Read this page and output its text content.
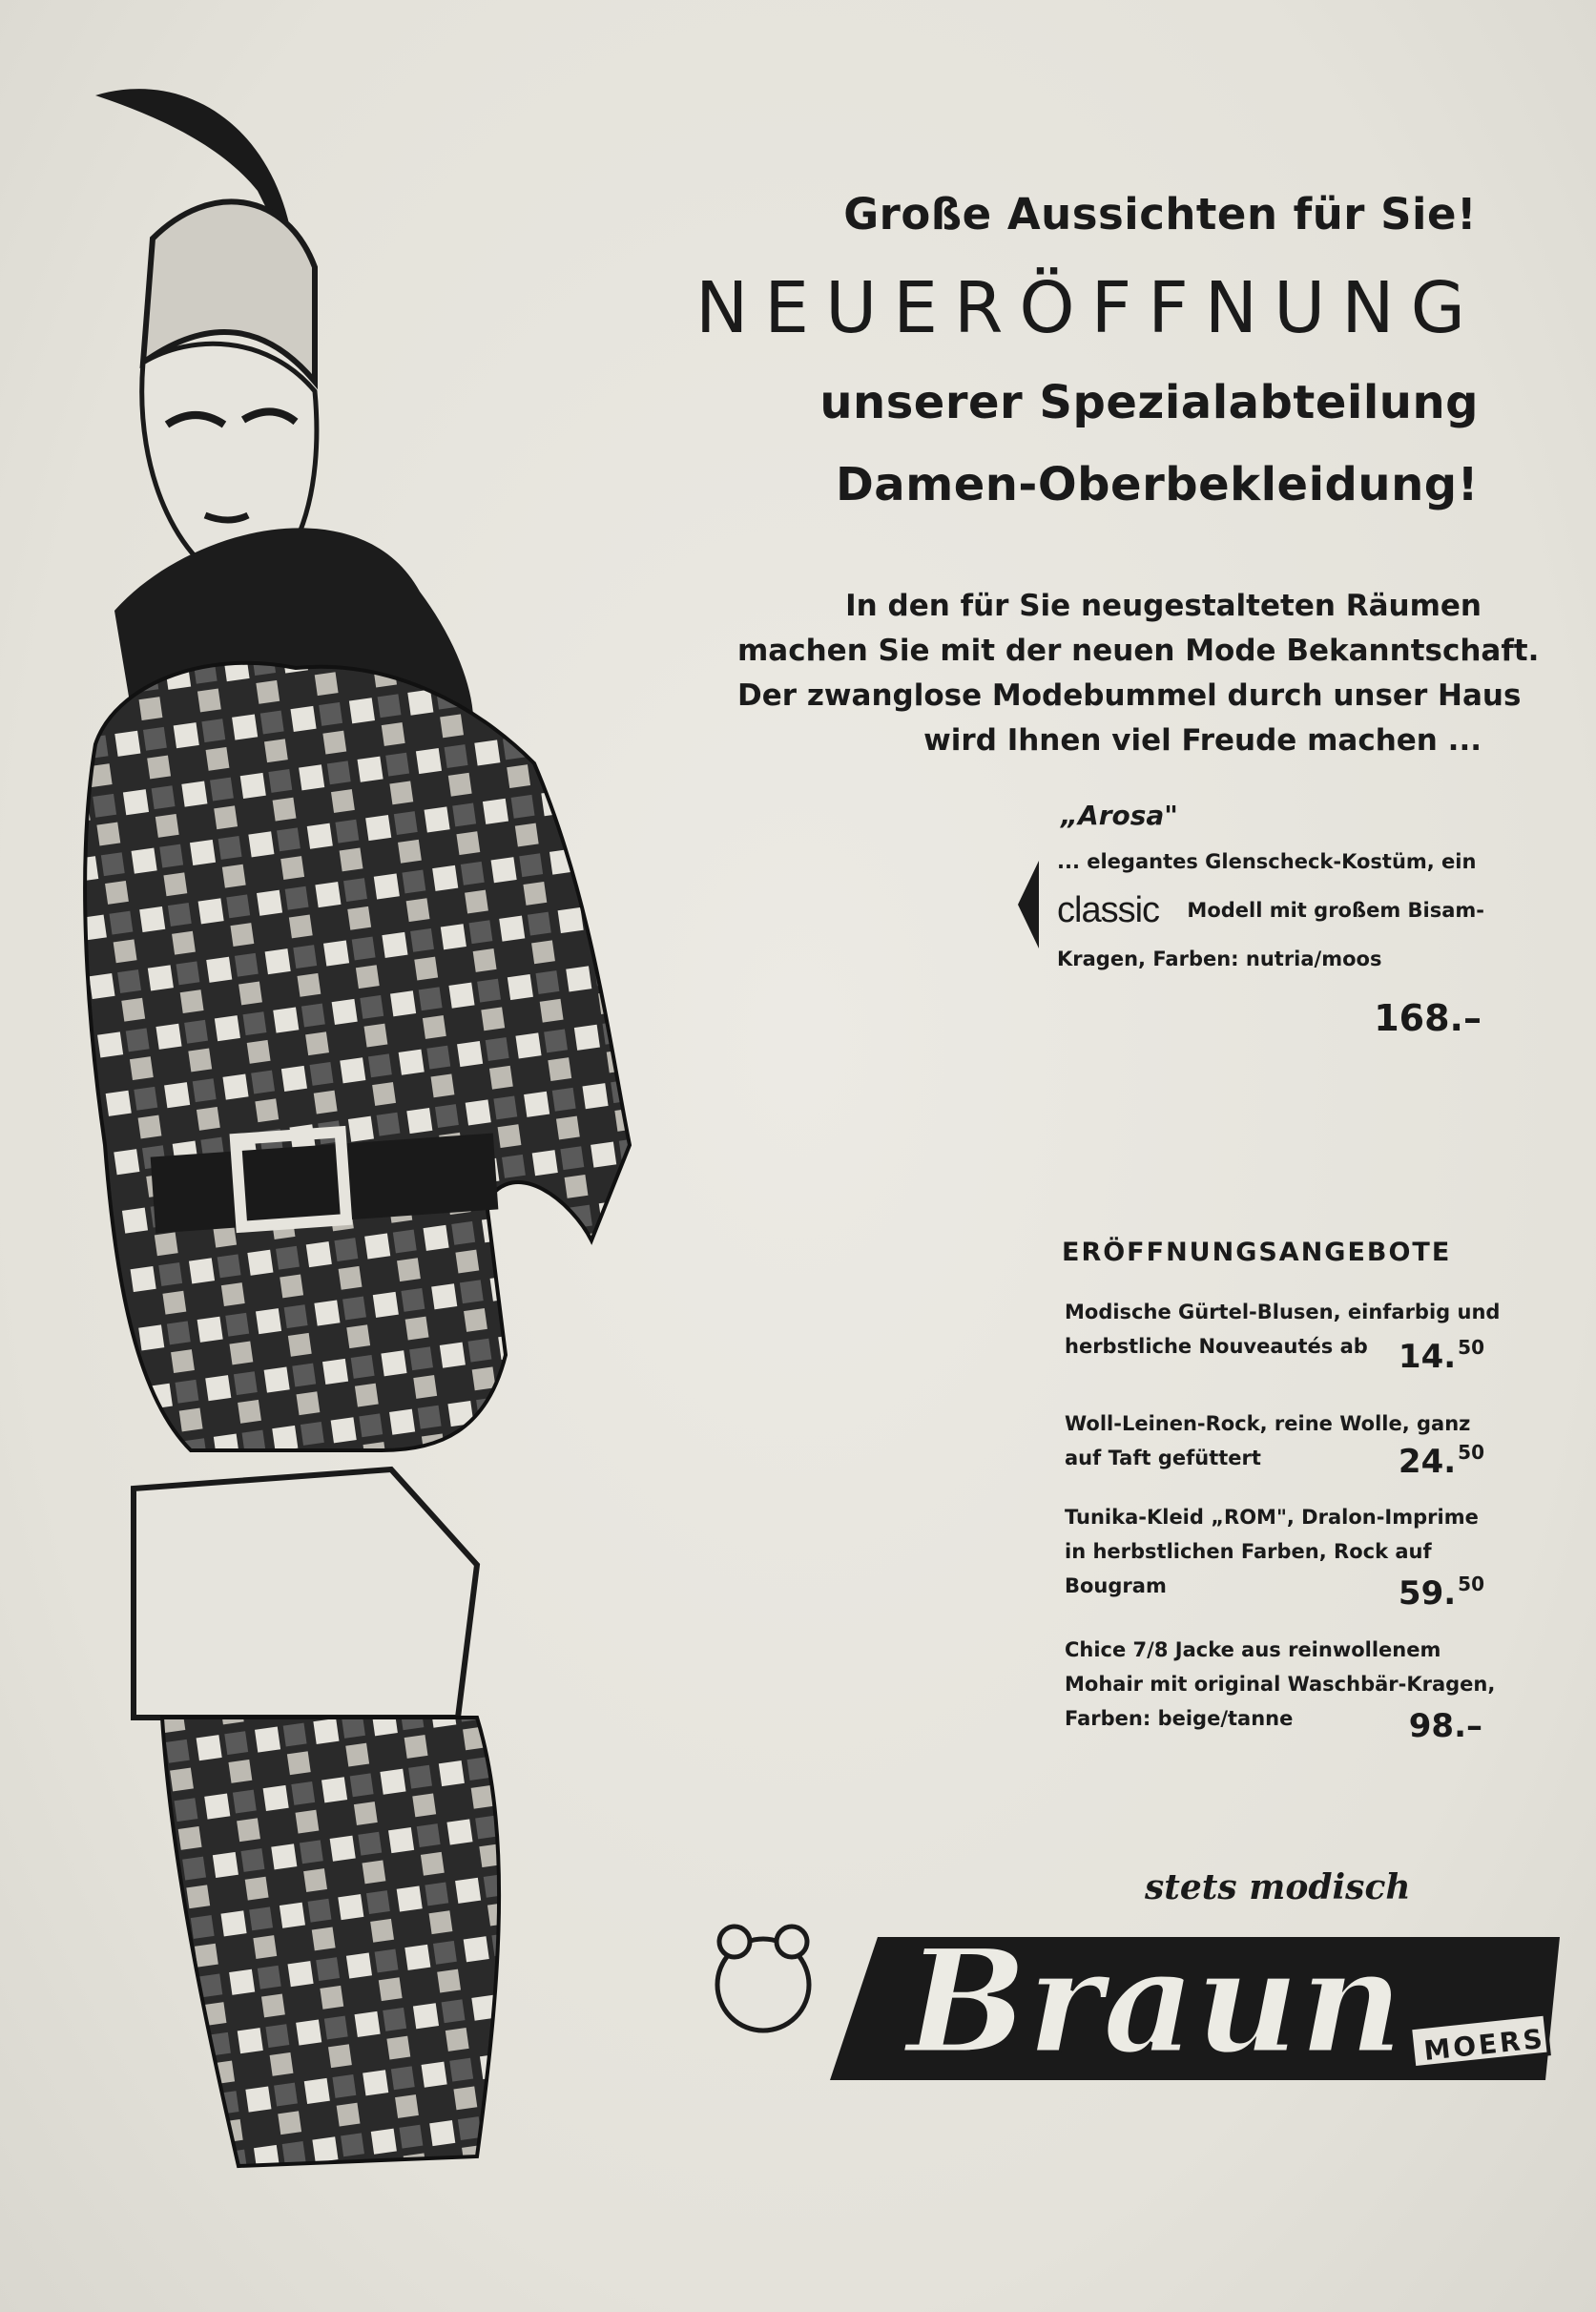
Große Aussichten für Sie!

NEUERÖFFNUNG

unserer Spezialabteilung

Damen-Oberbekleidung!

In den für Sie neugestalteten Räumen
machen Sie mit der neuen Mode Bekanntschaft.
Der zwanglose Modebummel durch unser Haus
wird Ihnen viel Freude machen ...

„Arosa"

... elegantes Glenscheck-Kostüm, ein
classic Modell mit großem Bisam-
Kragen, Farben: nutria/moos

168.–

ERÖFFNUNGSANGEBOTE

Modische Gürtel-Blusen, einfarbig und
herbstliche Nouveautés ab 14. $^{50}$
Woll-Leinen-Rock, reine Wolle, ganz
auf Taft gefüttert	24. $^{50}$
Tunika-Kleid „ROM", Dralon-Imprime
in herbstlichen Farben, Rock auf
Bougram	59. $^{50}$
Chice 7/8 Jacke aus reinwollenem
Mohair mit original Waschbär-Kragen,
Farben: beige/tanne	98.–
stets modisch
Braun MOERS
